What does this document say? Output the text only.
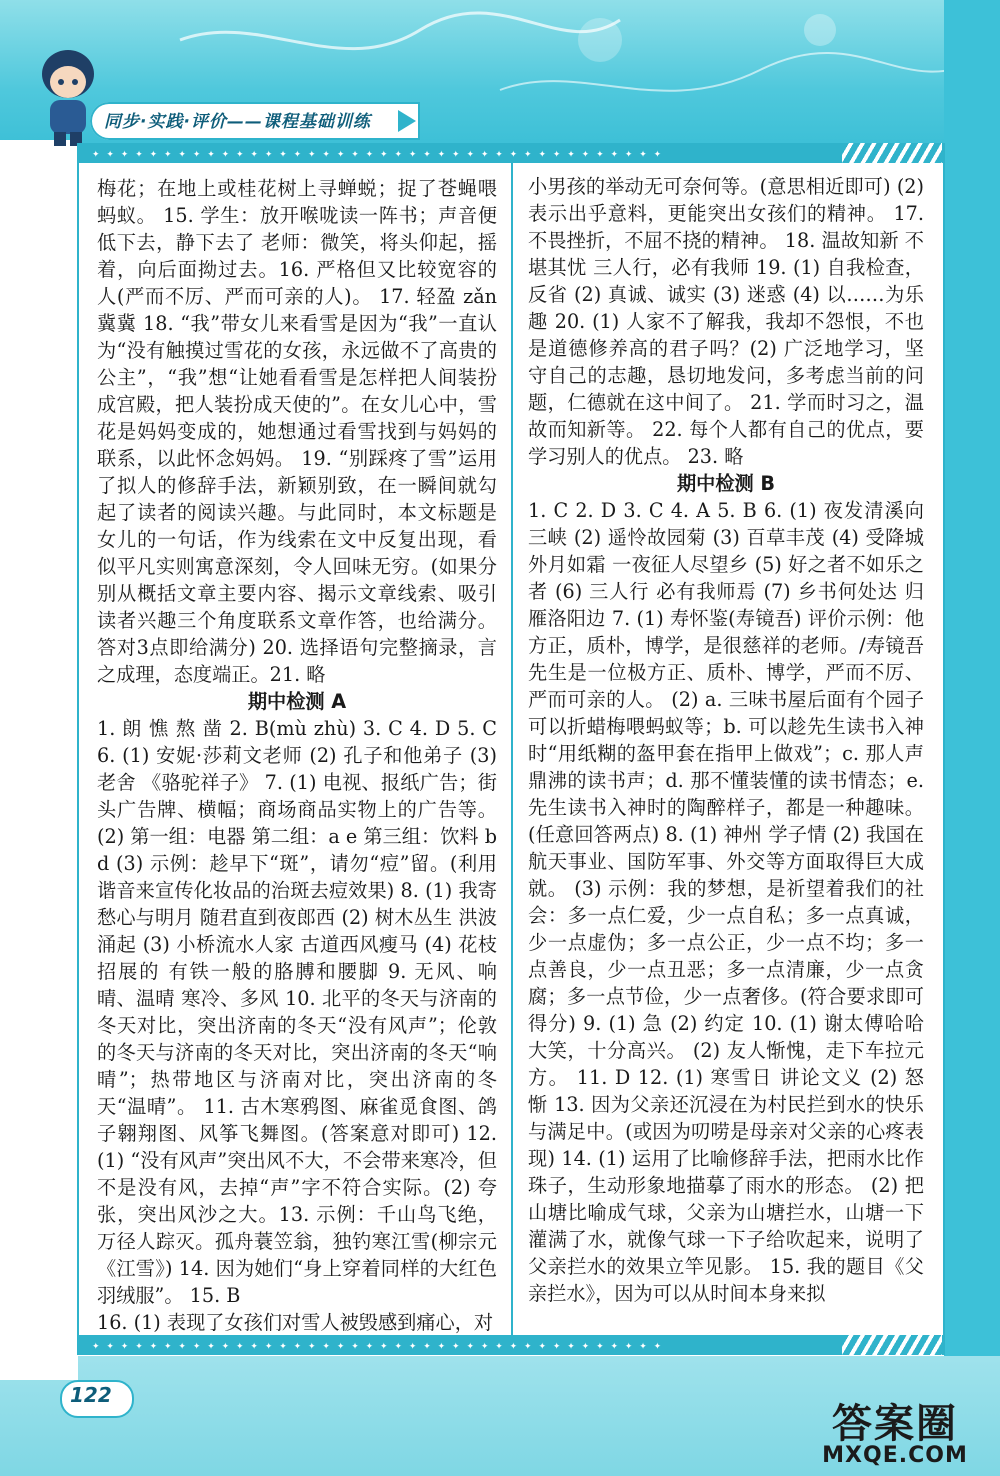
同步·实践·评价——课程基础训练
✦ ✦ ✦ ✦ ✦ ✦ ✦ ✦ ✦ ✦ ✦ ✦ ✦ ✦ ✦ ✦ ✦ ✦ ✦ ✦ ✦ ✦ ✦ ✦ ✦ ✦ ✦ ✦ ✦ ✦ ✦ ✦ ✦ ✦ ✦ ✦ ✦ ✦ ✦ ✦
✦ ✦ ✦ ✦ ✦ ✦ ✦ ✦ ✦ ✦ ✦ ✦ ✦ ✦ ✦ ✦ ✦ ✦ ✦ ✦ ✦ ✦ ✦ ✦ ✦ ✦ ✦ ✦ ✦ ✦ ✦ ✦ ✦ ✦ ✦ ✦ ✦ ✦ ✦ ✦

梅花；在地上或桂花树上寻蝉蜕；捉了苍蝇喂蚂蚁。 15. 学生：放开喉咙读一阵书；声音便低下去，静下去了 老师：微笑，将头仰起，摇着，向后面拗过去。16. 严格但又比较宽容的人(严而不厉、严而可亲的人)。 17. 轻盈 zǎn 冀冀 18. “我”带女儿来看雪是因为“我”一直认为“没有触摸过雪花的女孩，永远做不了高贵的公主”，“我”想“让她看看雪是怎样把人间装扮成宫殿，把人装扮成天使的”。在女儿心中，雪花是妈妈变成的，她想通过看雪找到与妈妈的联系，以此怀念妈妈。 19. “别踩疼了雪”运用了拟人的修辞手法，新颖别致，在一瞬间就勾起了读者的阅读兴趣。与此同时，本文标题是女儿的一句话，作为线索在文中反复出现，看似平凡实则寓意深刻，令人回味无穷。(如果分别从概括文章主要内容、揭示文章线索、吸引读者兴趣三个角度联系文章作答，也给满分。答对3点即给满分) 20. 选择语句完整摘录，言之成理，态度端正。21. 略

期中检测 A

1. 朗 憔 熬 凿 2. B(mù zhù) 3. C 4. D 5. C 6. (1) 安妮·莎莉文老师 (2) 孔子和他弟子 (3) 老舍 《骆驼祥子》 7. (1) 电视、报纸广告；街头广告牌、横幅；商场商品实物上的广告等。 (2) 第一组：电器 第二组：a e 第三组：饮料 b d (3) 示例：趁早下“斑”，请勿“痘”留。(利用谐音来宣传化妆品的治斑去痘效果) 8. (1) 我寄愁心与明月 随君直到夜郎西 (2) 树木丛生 洪波涌起 (3) 小桥流水人家 古道西风瘦马 (4) 花枝招展的 有铁一般的胳膊和腰脚 9. 无风、响晴、温晴 寒冷、多风 10. 北平的冬天与济南的冬天对比，突出济南的冬天“没有风声”；伦敦的冬天与济南的冬天对比，突出济南的冬天“响晴”；热带地区与济南对比，突出济南的冬天“温晴”。 11. 古木寒鸦图、麻雀觅食图、鸽子翱翔图、风筝飞舞图。(答案意对即可) 12. (1) “没有风声”突出风不大，不会带来寒冷，但不是没有风，去掉“声”字不符合实际。(2) 夸张，突出风沙之大。13. 示例：千山鸟飞绝，万径人踪灭。孤舟蓑笠翁，独钓寒江雪(柳宗元《江雪》) 14. 因为她们“身上穿着同样的大红色羽绒服”。 15. B

16. (1) 表现了女孩们对雪人被毁感到痛心，对

小男孩的举动无可奈何等。(意思相近即可) (2) 表示出乎意料，更能突出女孩们的精神。 17. 不畏挫折，不屈不挠的精神。 18. 温故知新 不堪其忧 三人行，必有我师 19. (1) 自我检查，反省 (2) 真诚、诚实 (3) 迷惑 (4) 以……为乐趣 20. (1) 人家不了解我，我却不怨恨，不也是道德修养高的君子吗？(2) 广泛地学习，坚守自己的志趣，恳切地发问，多考虑当前的问题，仁德就在这中间了。 21. 学而时习之，温故而知新等。 22. 每个人都有自己的优点，要学习别人的优点。 23. 略

期中检测 B

1. C 2. D 3. C 4. A 5. B 6. (1) 夜发清溪向三峡 (2) 遥怜故园菊 (3) 百草丰茂 (4) 受降城外月如霜 一夜征人尽望乡 (5) 好之者不如乐之者 (6) 三人行 必有我师焉 (7) 乡书何处达 归雁洛阳边 7. (1) 寿怀鉴(寿镜吾) 评价示例：他方正，质朴，博学，是很慈祥的老师。/寿镜吾先生是一位极方正、质朴、博学，严而不厉、严而可亲的人。 (2) a. 三味书屋后面有个园子可以折蜡梅喂蚂蚁等；b. 可以趁先生读书入神时“用纸糊的盔甲套在指甲上做戏”；c. 那人声鼎沸的读书声；d. 那不懂装懂的读书情态；e. 先生读书入神时的陶醉样子，都是一种趣味。 (任意回答两点) 8. (1) 神州 学子情 (2) 我国在航天事业、国防军事、外交等方面取得巨大成就。 (3) 示例：我的梦想，是祈望着我们的社会：多一点仁爱，少一点自私；多一点真诚，少一点虚伪；多一点公正，少一点不均；多一点善良，少一点丑恶；多一点清廉，少一点贪腐；多一点节俭，少一点奢侈。(符合要求即可得分) 9. (1) 急 (2) 约定 10. (1) 谢太傅哈哈大笑，十分高兴。 (2) 友人惭愧，走下车拉元方。 11. D 12. (1) 寒雪日 讲论文义 (2) 怒 惭 13. 因为父亲还沉浸在为村民拦到水的快乐与满足中。(或因为叨唠是母亲对父亲的心疼表现) 14. (1) 运用了比喻修辞手法，把雨水比作珠子，生动形象地描摹了雨水的形态。 (2) 把山塘比喻成气球，父亲为山塘拦水，山塘一下灌满了水，就像气球一下子给吹起来，说明了父亲拦水的效果立竿见影。 15. 我的题目《父亲拦水》，因为可以从时间本身来拟

122
答案圈
MXQE.COM
